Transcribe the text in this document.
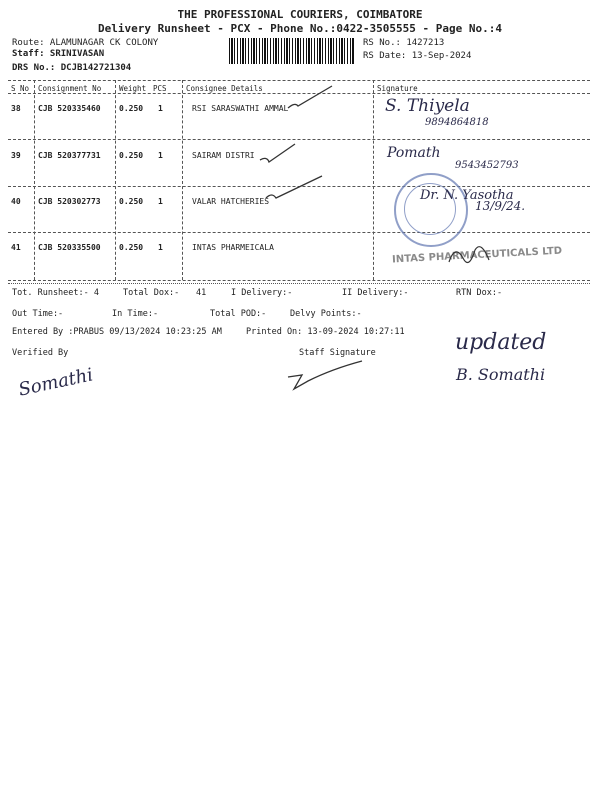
THE PROFESSIONAL COURIERS, COIMBATORE
Delivery Runsheet - PCX - Phone No.:0422-3505555 - Page No.:4
Route: ALAMUNAGAR CK COLONY
Staff: SRINIVASAN
DRS No.: DCJB142721304
RS No.: 1427213
RS Date: 13-Sep-2024
S No Consignment No Weight PCS	Consignee Details	Signature
38 CJB 520335460 0.250 1	RSI SARASWATHI AMMAL
39 CJB 520377731 0.250 1	SAIRAM DISTRI
40 CJB 520302773 0.250 1	VALAR HATCHERIES
41 CJB 520335500 0.250 1	INTAS PHARMEICALA
S. Thiyela
9894864818
Pomath
9543452793
Dr. N. Yasotha
13/9/24.
INTAS PHARMACEUTICALS LTD
Tot. Runsheet:- 4	Total Dox:- 41	I Delivery:-	II Delivery:-	RTN Dox:-
Out Time:-	In Time:-	Total POD:-	Delvy Points:-
Entered By :PRABUS 09/13/2024 10:23:25 AM	Printed On: 13-09-2024 10:27:11
Verified By	Staff Signature
Somathi
updated
B. Somathi
